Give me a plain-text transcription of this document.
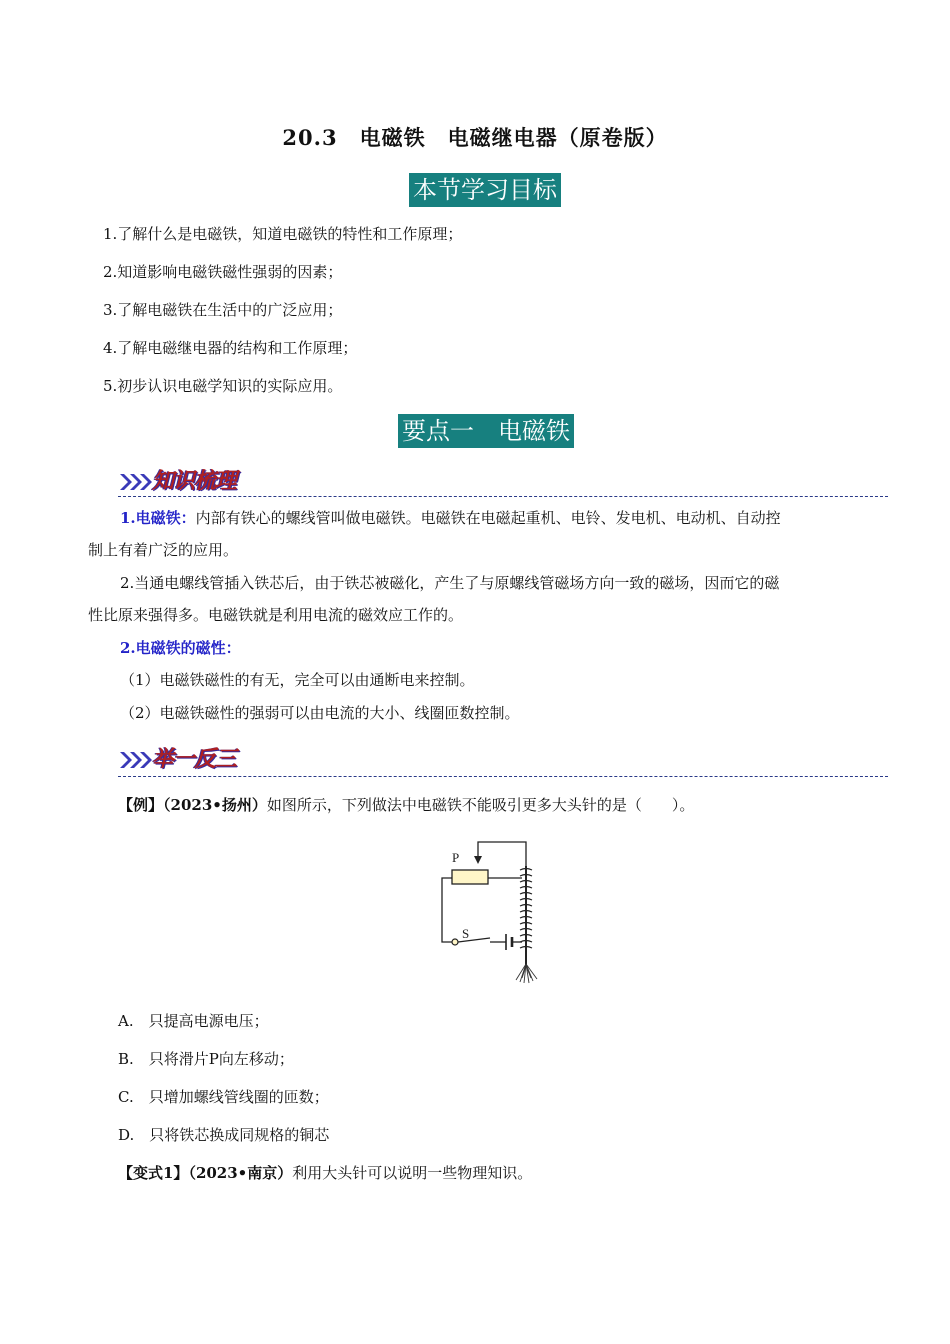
20.3　电磁铁　电磁继电器（原卷版）
本节学习目标
1.了解什么是电磁铁，知道电磁铁的特性和工作原理；
2.知道影响电磁铁磁性强弱的因素；
3.了解电磁铁在生活中的广泛应用；
4.了解电磁继电器的结构和工作原理；
5.初步认识电磁学知识的实际应用。
要点一　电磁铁
知识梳理
1.电磁铁：内部有铁心的螺线管叫做电磁铁。电磁铁在电磁起重机、电铃、发电机、电动机、自动控
制上有着广泛的应用。
2.当通电螺线管插入铁芯后，由于铁芯被磁化，产生了与原螺线管磁场方向一致的磁场，因而它的磁
性比原来强得多。电磁铁就是利用电流的磁效应工作的。
2.电磁铁的磁性：
（1）电磁铁磁性的有无，完全可以由通断电来控制。
（2）电磁铁磁性的强弱可以由电流的大小、线圈匝数控制。
举一反三
【例】（2023•扬州）如图所示，下列做法中电磁铁不能吸引更多大头针的是（　　）。
P
S
A.　只提高电源电压；
B.　只将滑片P向左移动；
C.　只增加螺线管线圈的匝数；
D.　只将铁芯换成同规格的铜芯
【变式1】（2023•南京）利用大头针可以说明一些物理知识。
